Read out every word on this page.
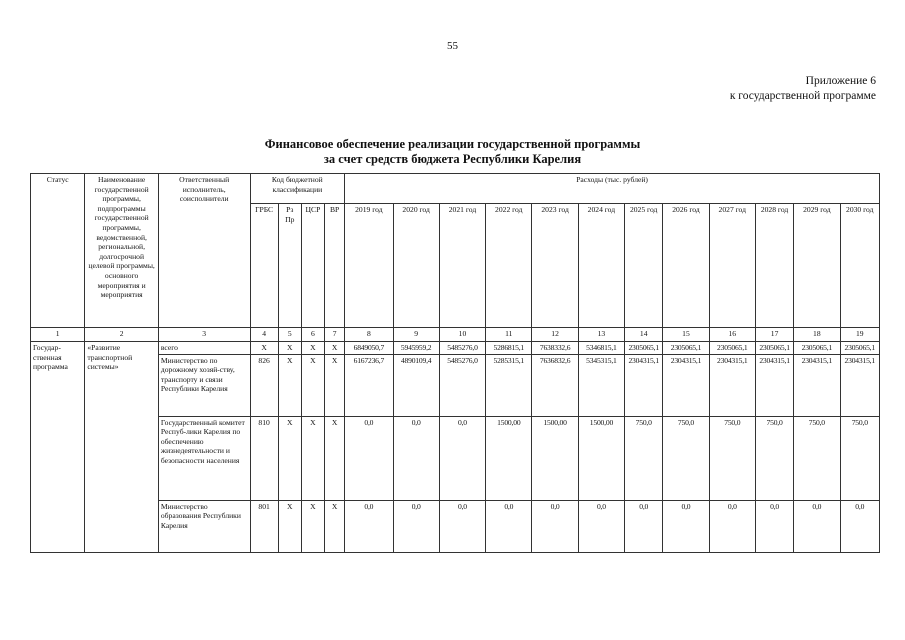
55
Приложение 6
к государственной программе
Финансовое обеспечение реализации государственной программы
за счет средств бюджета Республики Карелия
Статус	Наименование государственной программы, подпрограммы государственной программы, ведомственной, региональной, долгосрочной целевой программы, основного мероприятия и мероприятия	Ответственный исполнитель, соисполнители	Код бюджетной классификации				Расходы (тыс. рублей)											
			ГРБС	Рз Пр	ЦСР	ВР	2019 год	2020 год	2021 год	2022 год	2023 год	2024 год	2025 год	2026 год	2027 год	2028 год	2029 год	2030 год
1	2	3	4	5	6	7	8	9	10	11	12	13	14	15	16	17	18	19
Государ-ственная программа	«Развитие транспортной системы»	всего	X	X	X	X	6849050,7	5945959,2	5485276,0	5286815,1	7638332,6	5346815,1	2305065,1	2305065,1	2305065,1	2305065,1	2305065,1	2305065,1
		Министерство по дорожному хозяй-ству, транспорту и связи Республики Карелия	826	X	X	X	6167236,7	4890109,4	5485276,0	5285315,1	7636832,6	5345315,1	2304315,1	2304315,1	2304315,1	2304315,1	2304315,1	2304315,1
		Государственный комитет Респуб-лики Карелия по обеспечению жизнедеятельности и безопасности населения	810	X	X	X	0,0	0,0	0,0	1500,00	1500,00	1500,00	750,0	750,0	750,0	750,0	750,0	750,0
		Министерство образования Республики Карелия	801	X	X	X	0,0	0,0	0,0	0,0	0,0	0,0	0,0	0,0	0,0	0,0	0,0	0,0
